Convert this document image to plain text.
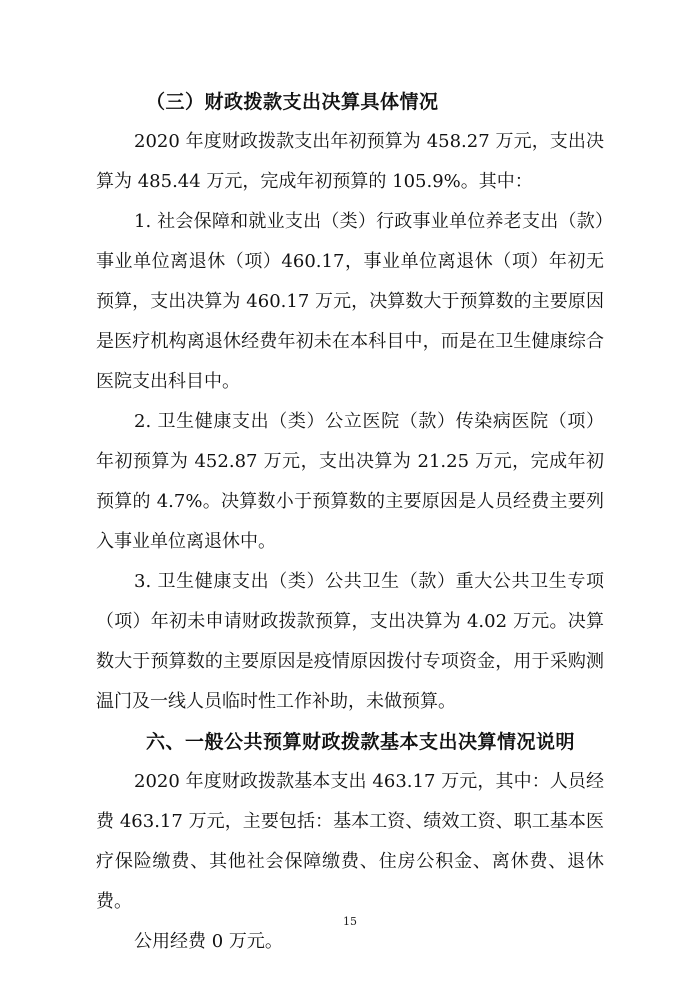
（三）财政拨款支出决算具体情况

2020 年度财政拨款支出年初预算为 458.27 万元，支出决算为 485.44 万元，完成年初预算的 105.9%。其中：

1. 社会保障和就业支出（类）行政事业单位养老支出（款）事业单位离退休（项）460.17，事业单位离退休（项）年初无预算，支出决算为 460.17 万元，决算数大于预算数的主要原因是医疗机构离退休经费年初未在本科目中，而是在卫生健康综合医院支出科目中。

2. 卫生健康支出（类）公立医院（款）传染病医院（项）年初预算为 452.87 万元，支出决算为 21.25 万元，完成年初预算的 4.7%。决算数小于预算数的主要原因是人员经费主要列入事业单位离退休中。

3. 卫生健康支出（类）公共卫生（款）重大公共卫生专项（项）年初未申请财政拨款预算，支出决算为 4.02 万元。决算数大于预算数的主要原因是疫情原因拨付专项资金，用于采购测温门及一线人员临时性工作补助，未做预算。

六、一般公共预算财政拨款基本支出决算情况说明

2020 年度财政拨款基本支出 463.17 万元，其中：人员经费 463.17 万元，主要包括：基本工资、绩效工资、职工基本医疗保险缴费、其他社会保障缴费、住房公积金、离休费、退休费。

公用经费 0 万元。

15
